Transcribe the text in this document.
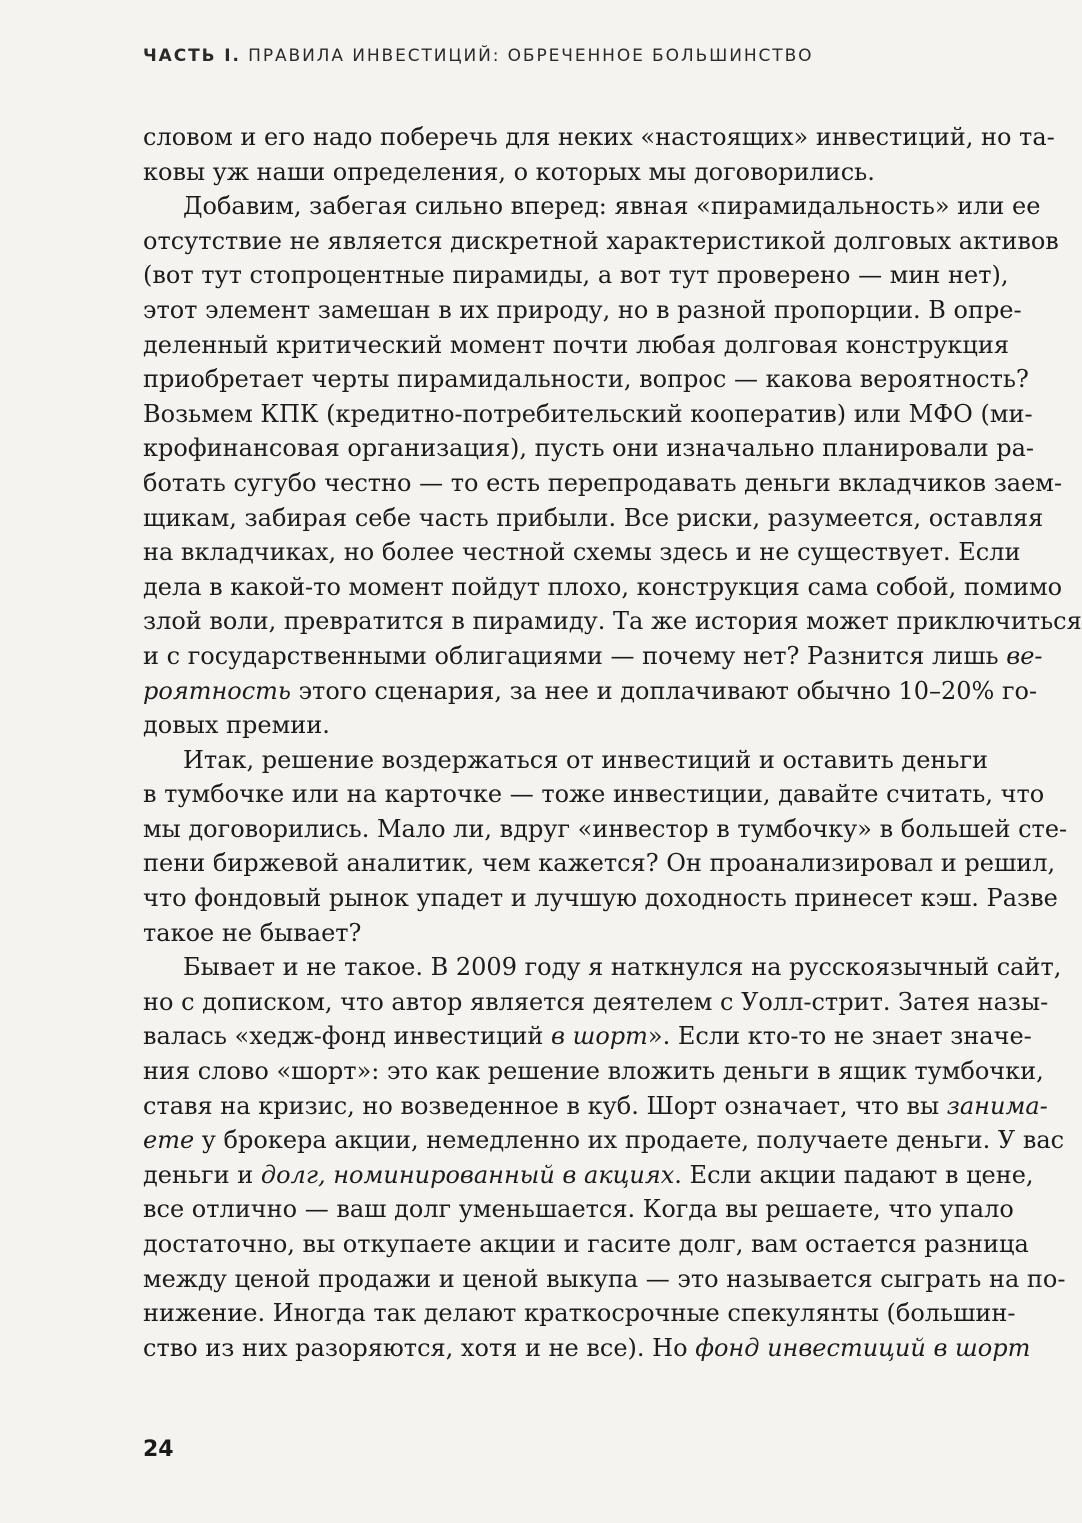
ЧАСТЬ I. ПРАВИЛА ИНВЕСТИЦИЙ: ОБРЕЧЕННОЕ БОЛЬШИНСТВО
словом и его надо поберечь для неких «настоящих» инвестиций, но та-
ковы уж наши определения, о которых мы договорились.
Добавим, забегая сильно вперед: явная «пирамидальность» или ее
отсутствие не является дискретной характеристикой долговых активов
(вот тут стопроцентные пирамиды, а вот тут проверено — мин нет),
этот элемент замешан в их природу, но в разной пропорции. В опре-
деленный критический момент почти любая долговая конструкция
приобретает черты пирамидальности, вопрос — какова вероятность?
Возьмем КПК (кредитно-потребительский кооператив) или МФО (ми-
крофинансовая организация), пусть они изначально планировали ра-
ботать сугубо честно — то есть перепродавать деньги вкладчиков заем-
щикам, забирая себе часть прибыли. Все риски, разумеется, оставляя
на вкладчиках, но более честной схемы здесь и не существует. Если
дела в какой-то момент пойдут плохо, конструкция сама собой, помимо
злой воли, превратится в пирамиду. Та же история может приключиться
и с государственными облигациями — почему нет? Разнится лишь ве-
роятность этого сценария, за нее и доплачивают обычно 10–20% го-
довых премии.
Итак, решение воздержаться от инвестиций и оставить деньги
в тумбочке или на карточке — тоже инвестиции, давайте считать, что
мы договорились. Мало ли, вдруг «инвестор в тумбочку» в большей сте-
пени биржевой аналитик, чем кажется? Он проанализировал и решил,
что фондовый рынок упадет и лучшую доходность принесет кэш. Разве
такое не бывает?
Бывает и не такое. В 2009 году я наткнулся на русскоязычный сайт,
но с дописком, что автор является деятелем с Уолл-стрит. Затея назы-
валась «хедж-фонд инвестиций в шорт». Если кто-то не знает значе-
ния слово «шорт»: это как решение вложить деньги в ящик тумбочки,
ставя на кризис, но возведенное в куб. Шорт означает, что вы занима-
ете у брокера акции, немедленно их продаете, получаете деньги. У вас
деньги и долг, номинированный в акциях. Если акции падают в цене,
все отлично — ваш долг уменьшается. Когда вы решаете, что упало
достаточно, вы откупаете акции и гасите долг, вам остается разница
между ценой продажи и ценой выкупа — это называется сыграть на по-
нижение. Иногда так делают краткосрочные спекулянты (большин-
ство из них разоряются, хотя и не все). Но фонд инвестиций в шорт
24
